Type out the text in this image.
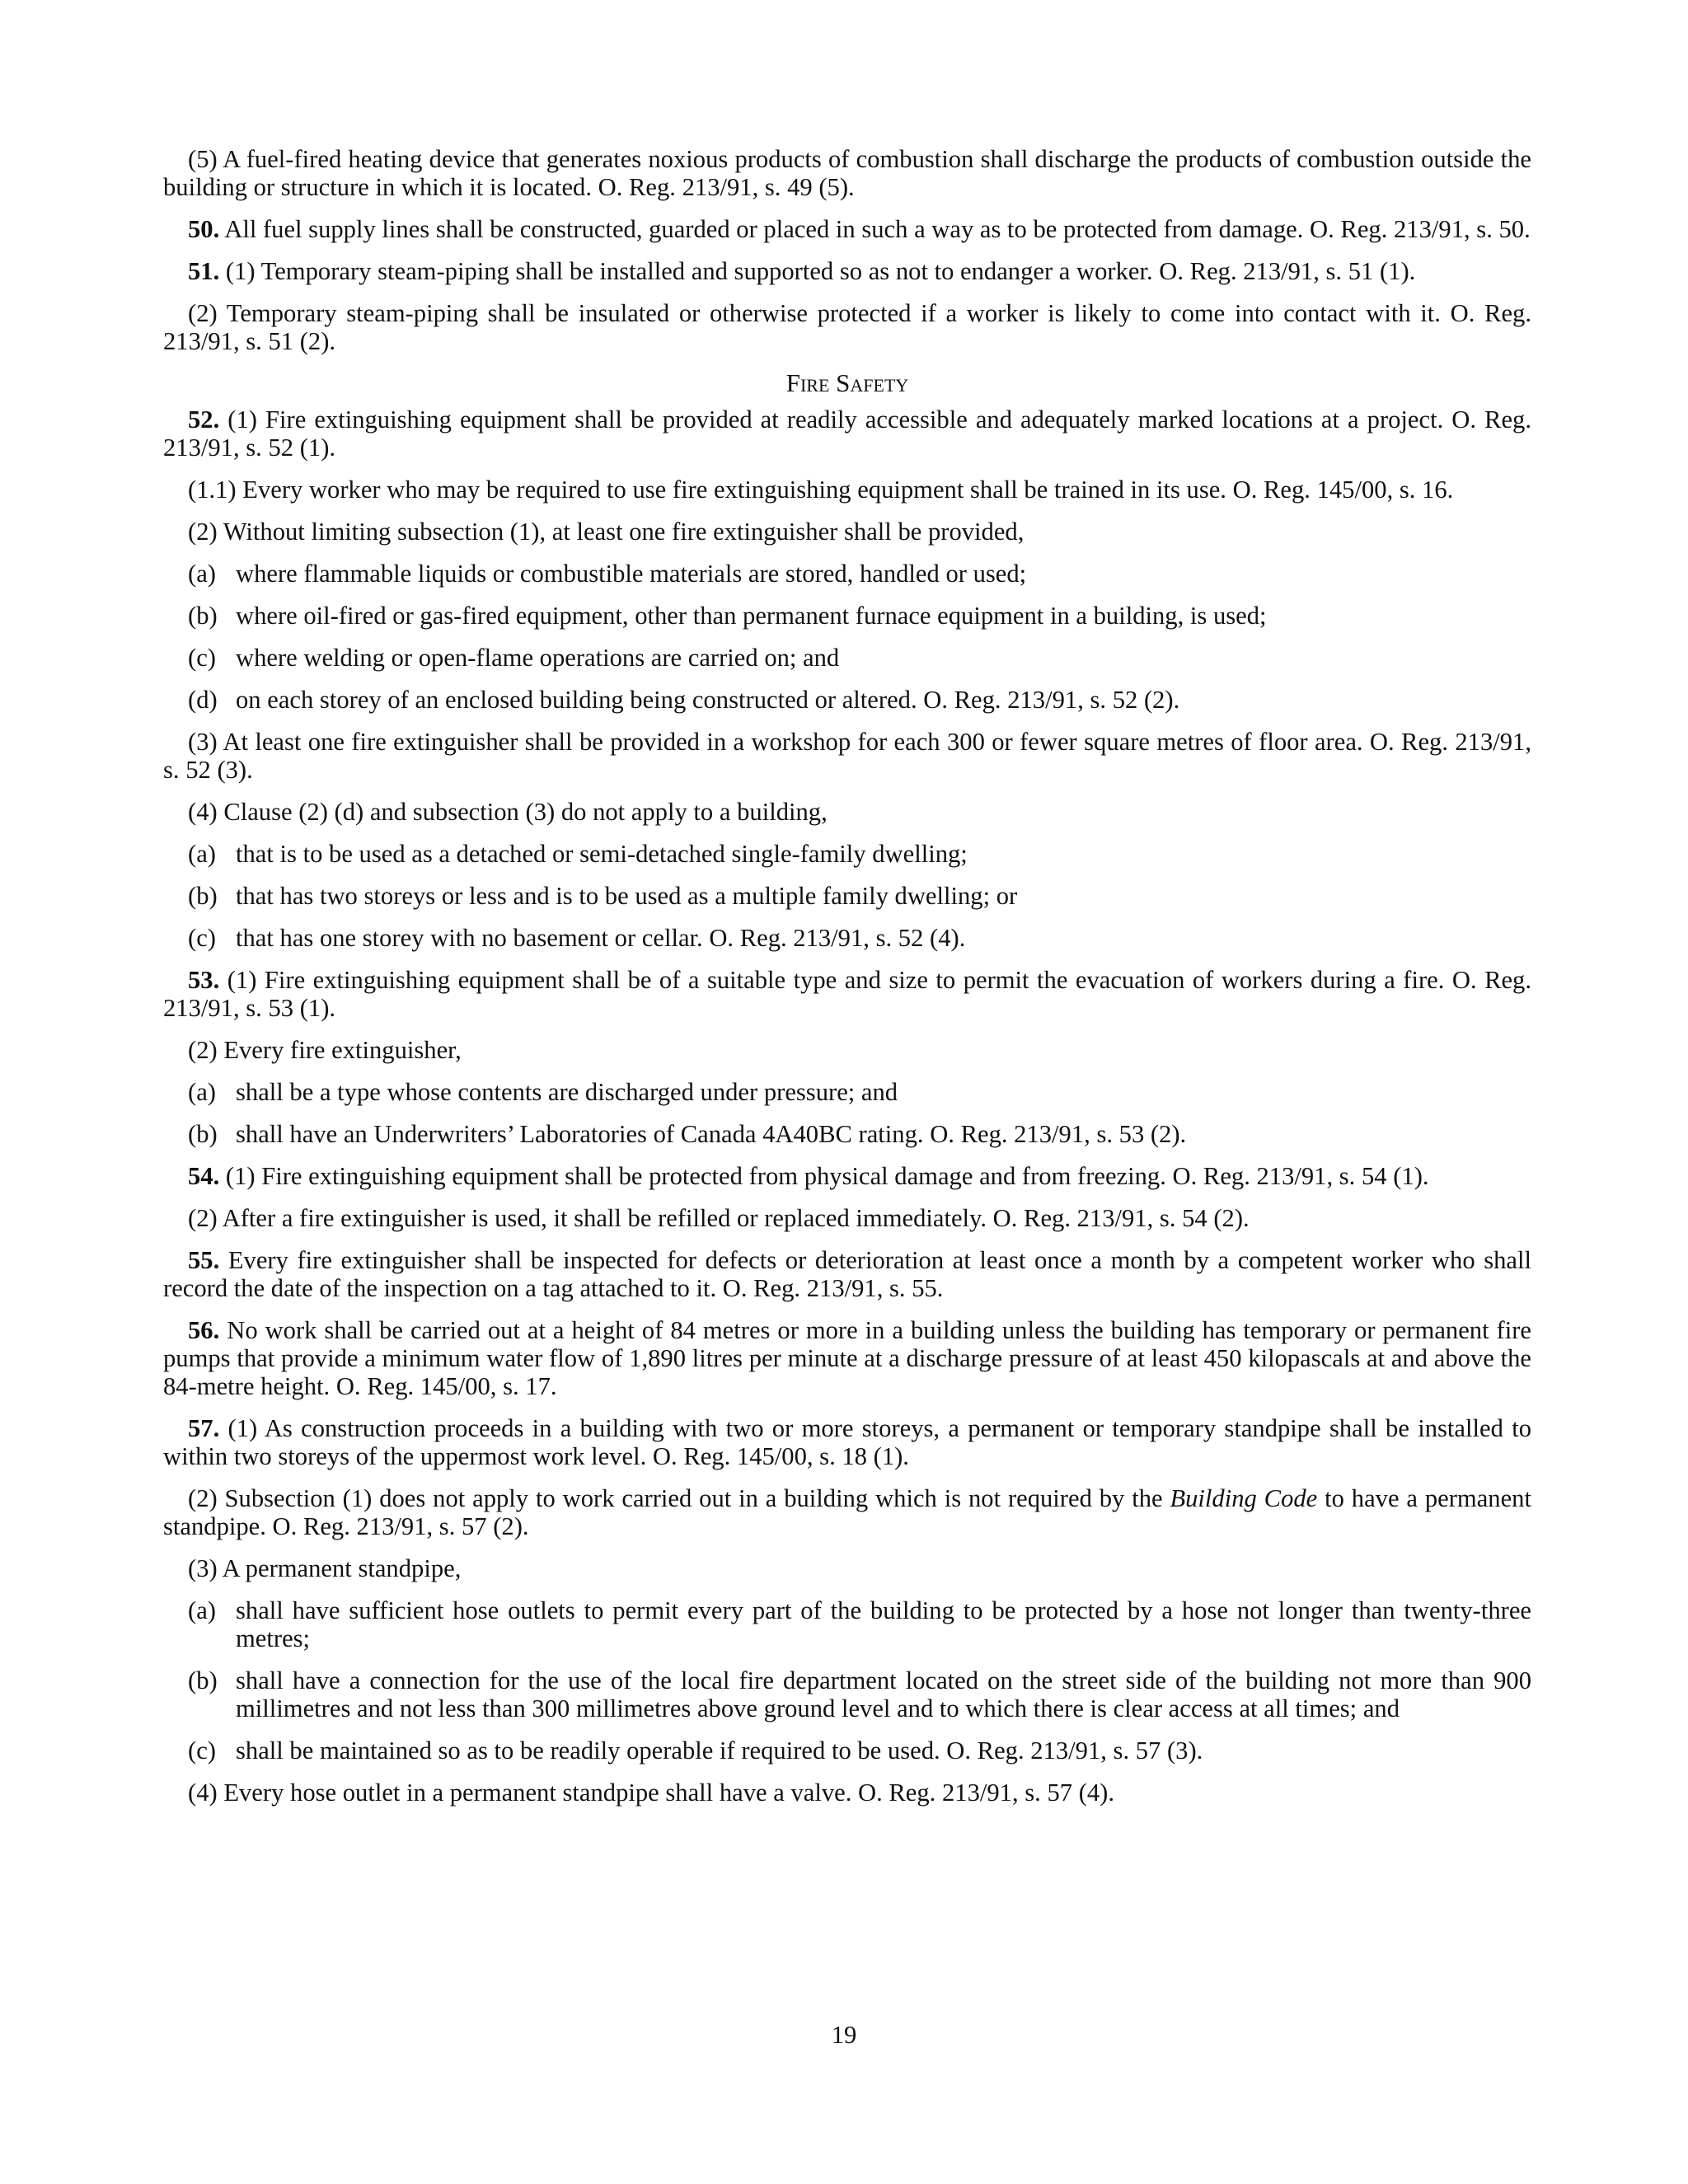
(5) A fuel-fired heating device that generates noxious products of combustion shall discharge the products of combustion outside the building or structure in which it is located. O. Reg. 213/91, s. 49 (5).

50. All fuel supply lines shall be constructed, guarded or placed in such a way as to be protected from damage. O. Reg. 213/91, s. 50.

51. (1) Temporary steam-piping shall be installed and supported so as not to endanger a worker. O. Reg. 213/91, s. 51 (1).

(2) Temporary steam-piping shall be insulated or otherwise protected if a worker is likely to come into contact with it. O. Reg. 213/91, s. 51 (2).

Fire Safety

52. (1) Fire extinguishing equipment shall be provided at readily accessible and adequately marked locations at a project. O. Reg. 213/91, s. 52 (1).

(1.1) Every worker who may be required to use fire extinguishing equipment shall be trained in its use. O. Reg. 145/00, s. 16.

(2) Without limiting subsection (1), at least one fire extinguisher shall be provided,

(a) where flammable liquids or combustible materials are stored, handled or used;

(b) where oil-fired or gas-fired equipment, other than permanent furnace equipment in a building, is used;

(c) where welding or open-flame operations are carried on; and

(d) on each storey of an enclosed building being constructed or altered. O. Reg. 213/91, s. 52 (2).

(3) At least one fire extinguisher shall be provided in a workshop for each 300 or fewer square metres of floor area. O. Reg. 213/91, s. 52 (3).

(4) Clause (2) (d) and subsection (3) do not apply to a building,

(a) that is to be used as a detached or semi-detached single-family dwelling;

(b) that has two storeys or less and is to be used as a multiple family dwelling; or

(c) that has one storey with no basement or cellar. O. Reg. 213/91, s. 52 (4).

53. (1) Fire extinguishing equipment shall be of a suitable type and size to permit the evacuation of workers during a fire. O. Reg. 213/91, s. 53 (1).

(2) Every fire extinguisher,

(a) shall be a type whose contents are discharged under pressure; and

(b) shall have an Underwriters’ Laboratories of Canada 4A40BC rating. O. Reg. 213/91, s. 53 (2).

54. (1) Fire extinguishing equipment shall be protected from physical damage and from freezing. O. Reg. 213/91, s. 54 (1).

(2) After a fire extinguisher is used, it shall be refilled or replaced immediately. O. Reg. 213/91, s. 54 (2).

55. Every fire extinguisher shall be inspected for defects or deterioration at least once a month by a competent worker who shall record the date of the inspection on a tag attached to it. O. Reg. 213/91, s. 55.

56. No work shall be carried out at a height of 84 metres or more in a building unless the building has temporary or permanent fire pumps that provide a minimum water flow of 1,890 litres per minute at a discharge pressure of at least 450 kilopascals at and above the 84-metre height. O. Reg. 145/00, s. 17.

57. (1) As construction proceeds in a building with two or more storeys, a permanent or temporary standpipe shall be installed to within two storeys of the uppermost work level. O. Reg. 145/00, s. 18 (1).

(2) Subsection (1) does not apply to work carried out in a building which is not required by the Building Code to have a permanent standpipe. O. Reg. 213/91, s. 57 (2).

(3) A permanent standpipe,

(a) shall have sufficient hose outlets to permit every part of the building to be protected by a hose not longer than twenty-three metres;

(b) shall have a connection for the use of the local fire department located on the street side of the building not more than 900 millimetres and not less than 300 millimetres above ground level and to which there is clear access at all times; and

(c) shall be maintained so as to be readily operable if required to be used. O. Reg. 213/91, s. 57 (3).

(4) Every hose outlet in a permanent standpipe shall have a valve. O. Reg. 213/91, s. 57 (4).

19
